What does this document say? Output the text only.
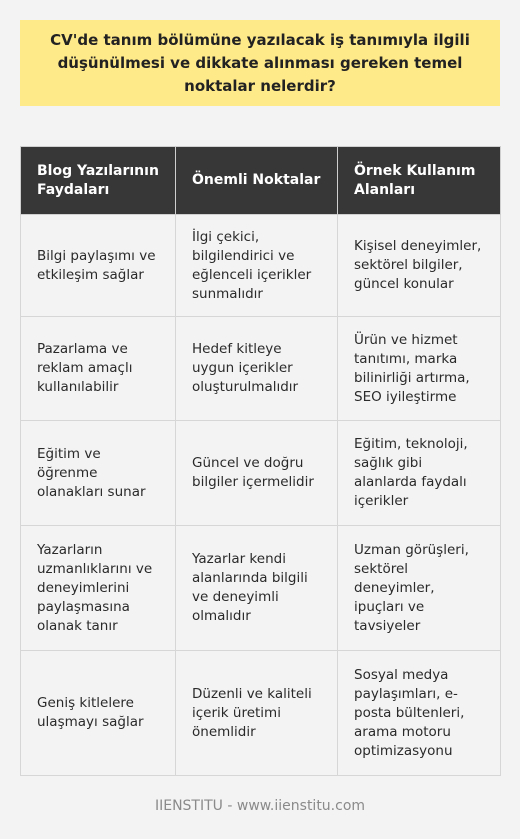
CV'de tanım bölümüne yazılacak iş tanımıyla ilgili düşünülmesi ve dikkate alınması gereken temel noktalar nelerdir?
Blog Yazılarının Faydaları	Önemli Noktalar	Örnek Kullanım Alanları
Bilgi paylaşımı ve etkileşim sağlar	İlgi çekici, bilgilendirici ve eğlenceli içerikler sunmalıdır	Kişisel deneyimler, sektörel bilgiler, güncel konular
Pazarlama ve reklam amaçlı kullanılabilir	Hedef kitleye uygun içerikler oluşturulmalıdır	Ürün ve hizmet tanıtımı, marka bilinirliği artırma, SEO iyileştirme
Eğitim ve öğrenme olanakları sunar	Güncel ve doğru bilgiler içermelidir	Eğitim, teknoloji, sağlık gibi alanlarda faydalı içerikler
Yazarların uzmanlıklarını ve deneyimlerini paylaşmasına olanak tanır	Yazarlar kendi alanlarında bilgili ve deneyimli olmalıdır	Uzman görüşleri, sektörel deneyimler, ipuçları ve tavsiyeler
Geniş kitlelere ulaşmayı sağlar	Düzenli ve kaliteli içerik üretimi önemlidir	Sosyal medya paylaşımları, e-posta bültenleri, arama motoru optimizasyonu
IIENSTITU - www.iienstitu.com
